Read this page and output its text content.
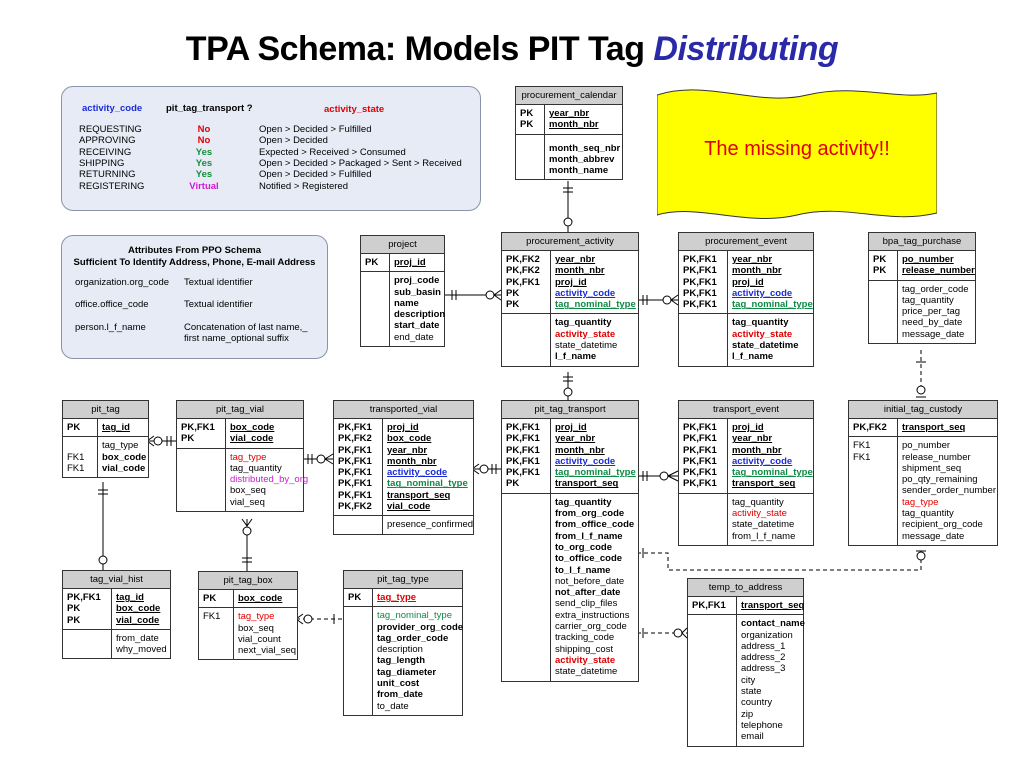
TPA Schema: Models PIT Tag Distributing
activity_code	pit_tag_transport ?	activity_state
REQUESTING	No	Open > Decided > Fulfilled
APPROVING	No	Open > Decided
RECEIVING	Yes	Expected > Received > Consumed
SHIPPING	Yes	Open > Decided > Packaged > Sent > Received
RETURNING	Yes	Open > Decided > Fulfilled
REGISTERING	Virtual	Notified > Registered
Attributes From PPO Schema
Sufficient To Identify Address, Phone, E-mail Address
organization.org_code Textual identifier
office.office_code	Textual identifier
person.l_f_name	Concatenation of last name,_
first name_optional suffix
The missing activity!!
procurement_calendar
PK year_nbr
PK month_nbr
month_seq_nbr
month_abbrev
month_name
project
PK proj_id
proj_code
sub_basin
name
description
start_date
end_date
procurement_activity
PK,FK2 year_nbr
PK,FK2 month_nbr
PK,FK1 proj_id
PK	activity_code
PK	tag_nominal_type
tag_quantity
activity_state
state_datetime
l_f_name
procurement_event
PK,FK1 year_nbr
PK,FK1 month_nbr
PK,FK1 proj_id
PK,FK1 activity_code
PK,FK1 tag_nominal_type
tag_quantity
activity_state
state_datetime
l_f_name
bpa_tag_purchase
PK po_number
PK release_number
tag_order_code
tag_quantity
price_per_tag
need_by_date
message_date
pit_tag
PK tag_id
tag_type
FK1 box_code
FK1 vial_code
pit_tag_vial
PK,FK1 box_code
PK	vial_code
tag_type
tag_quantity
distributed_by_org
box_seq
vial_seq
transported_vial
PK,FK1 proj_id
PK,FK2 box_code
PK,FK1 year_nbr
PK,FK1 month_nbr
PK,FK1 activity_code
PK,FK1 tag_nominal_type
PK,FK1 transport_seq
PK,FK2 vial_code
presence_confirmed
pit_tag_transport
PK,FK1 proj_id
PK,FK1 year_nbr
PK,FK1 month_nbr
PK,FK1 activity_code
PK,FK1 tag_nominal_type
PK	transport_seq
tag_quantity
from_org_code
from_office_code
from_l_f_name
to_org_code
to_office_code
to_l_f_name
not_before_date
not_after_date
send_clip_files
extra_instructions
carrier_org_code
tracking_code
shipping_cost
activity_state
state_datetime
transport_event
PK,FK1 proj_id
PK,FK1 year_nbr
PK,FK1 month_nbr
PK,FK1 activity_code
PK,FK1 tag_nominal_type
PK,FK1 transport_seq
tag_quantity
activity_state
state_datetime
from_l_f_name
initial_tag_custody
PK,FK2 transport_seq
FK1	po_number
FK1	release_number
shipment_seq
po_qty_remaining
sender_order_number
tag_type
tag_quantity
recipient_org_code
message_date
tag_vial_hist
PK,FK1 tag_id
PK	box_code
PK	vial_code
from_date
why_moved
pit_tag_box
PK box_code
FK1 tag_type
box_seq
vial_count
next_vial_seq
pit_tag_type
PK tag_type
tag_nominal_type
provider_org_code
tag_order_code
description
tag_length
tag_diameter
unit_cost
from_date
to_date
temp_to_address
PK,FK1 transport_seq
contact_name
organization
address_1
address_2
address_3
city
state
country
zip
telephone
email
